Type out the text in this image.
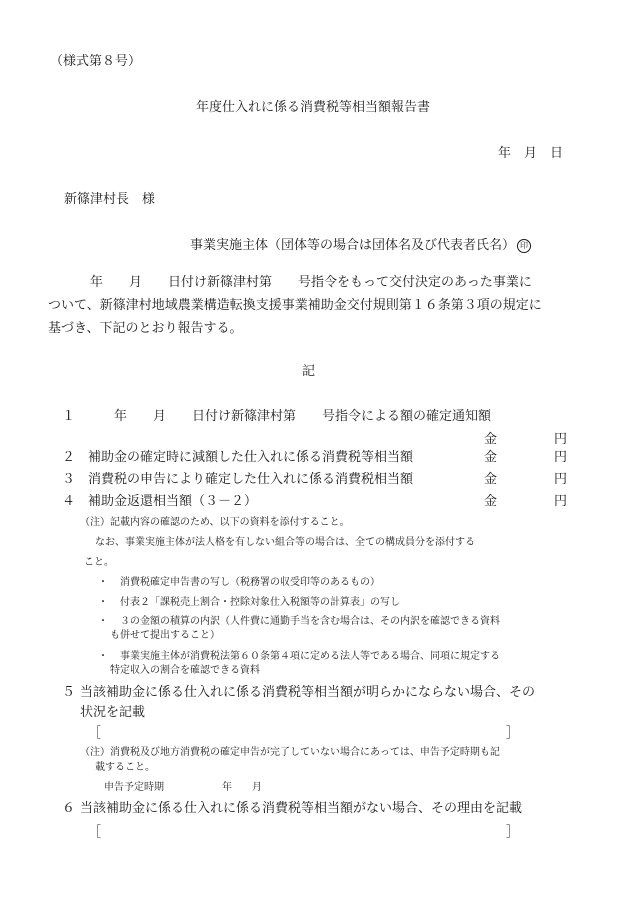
（様式第８号）
年度仕入れに係る消費税等相当額報告書
年　月　日
新篠津村長　様
事業実施主体（団体等の場合は団体名及び代表者氏名） 印
年　　月　　日付け新篠津村第　　号指令をもって交付決定のあった事業に
ついて、新篠津村地域農業構造転換支援事業補助金交付規則第１６条第３項の規定に
基づき、下記のとおり報告する。
記
１	年　　月　　日付け新篠津村第　　号指令による額の確定通知額
金	円
２ 補助金の確定時に減額した仕入れに係る消費税等相当額	金	円
３ 消費税の申告により確定した仕入れに係る消費税相当額	金	円
４ 補助金返還相当額（３－２）	金	円
（注）記載内容の確認のため、以下の資料を添付すること。
なお、事業実施主体が法人格を有しない組合等の場合は、全ての構成員分を添付する
こと。
・ 消費税確定申告書の写し（税務署の収受印等のあるもの）
・ 付表２「課税売上割合・控除対象仕入税額等の計算表」の写し
・ ３の金額の積算の内訳（人件費に通勤手当を含む場合は、その内訳を確認できる資料
も併せて提出すること）
・ 事業実施主体が消費税法第６０条第４項に定める法人等である場合、同項に規定する
特定収入の割合を確認できる資料
５ 当該補助金に係る仕入れに係る消費税等相当額が明らかにならない場合、その
状況を記載
［	］
（注）消費税及び地方消費税の確定申告が完了していない場合にあっては、申告予定時期も記
載すること。
申告予定時期	年　　月
６ 当該補助金に係る仕入れに係る消費税等相当額がない場合、その理由を記載
［	］
